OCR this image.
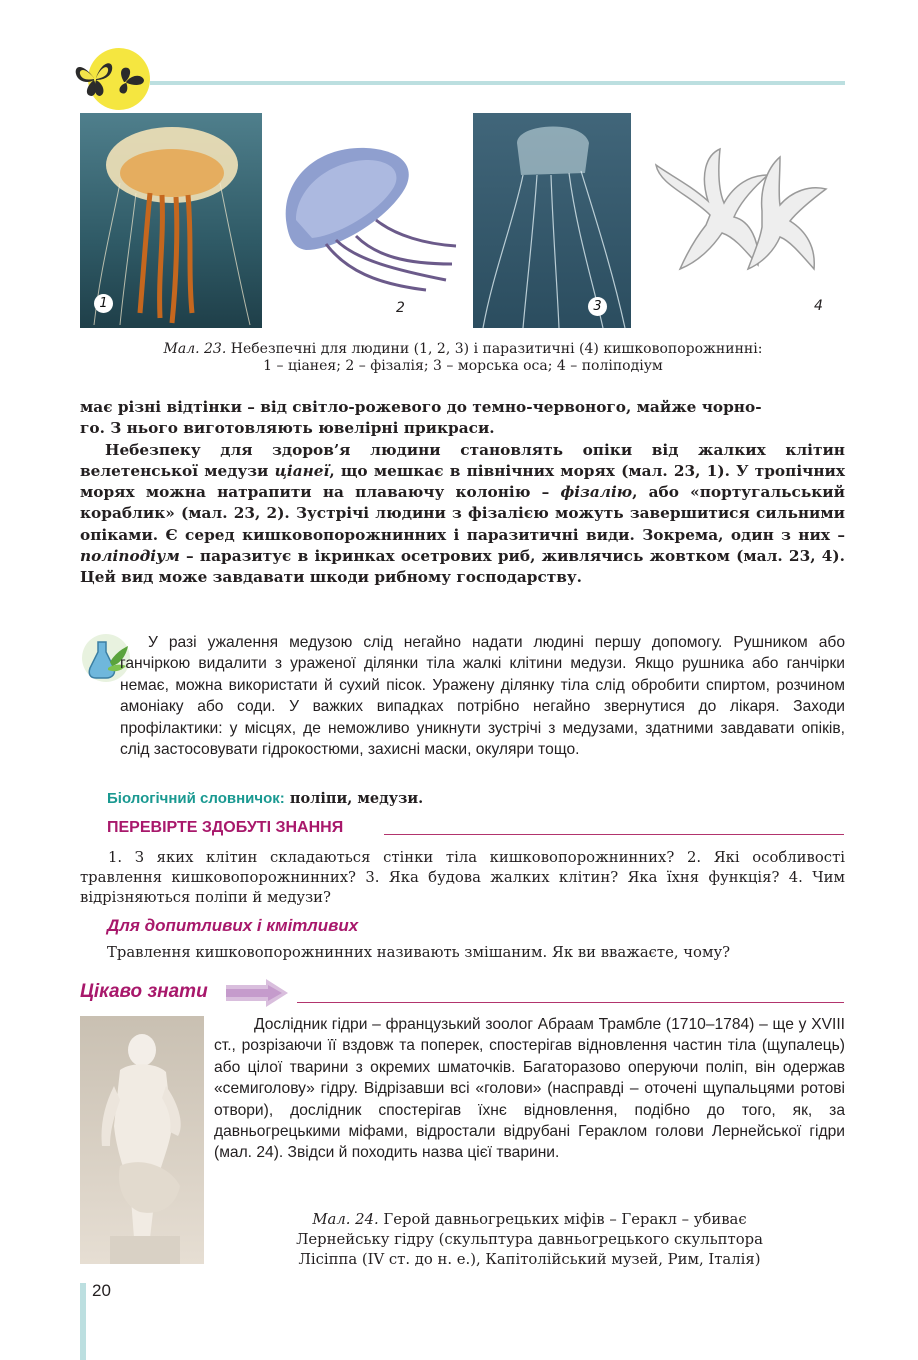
1	2	3	4
Мал. 23. Небезпечні для людини (1, 2, 3) і паразитичні (4) кишковопорожнинні:
1 – ціанея; 2 – фізалія; 3 – морська оса; 4 – поліподіум

має різні відтінки – від світло-рожевого до темно-червоного, майже чорно-
го. З нього виготовляють ювелірні прикраси.

Небезпеку для здоров’я людини становлять опіки від жалких клітин велетенської медузи ціанеї, що мешкає в північних морях (мал. 23, 1). У тропічних морях можна натрапити на плаваючу колонію – фізалію, або «португальський кораблик» (мал. 23, 2). Зустрічі людини з фізалією можуть завершитися сильними опіками. Є серед кишковопорожнинних і паразитичні види. Зокрема, один з них – поліподіум – паразитує в ікринках осетрових риб, живлячись жовтком (мал. 23, 4). Цей вид може завдавати шкоди рибному господарству.

У разі ужалення медузою слід негайно надати людині першу допомогу. Рушником або ганчіркою видалити з ураженої ділянки тіла жалкі клітини медузи. Якщо рушника або ганчірки немає, можна використати й сухий пісок. Уражену ділянку тіла слід обробити спиртом, розчином амоніаку або соди. У важких випадках потрібно негайно звернутися до лікаря. Заходи профілактики: у місцях, де неможливо уникнути зустрічі з медузами, здатними завдавати опіків, слід застосовувати гідрокостюми, захисні маски, окуляри тощо.
Біологічний словничок: поліпи, медузи.
ПЕРЕВІРТЕ ЗДОБУТІ ЗНАННЯ
1. З яких клітин складаються стінки тіла кишковопорожнинних? 2. Які особливості травлення кишковопорожнинних? 3. Яка будова жалких клітин? Яка їхня функція? 4. Чим відрізняються поліпи й медузи?
Для допитливих і кмітливих
Травлення кишковопорожнинних називають змішаним. Як ви вважаєте, чому?
Цікаво знати
Дослідник гідри – французький зоолог Абраам Трамбле (1710–1784) – ще у XVIII ст., розрізаючи її вздовж та поперек, спостерігав відновлення частин тіла (щупалець) або цілої тварини з окремих шматочків. Багаторазово оперуючи поліп, він одержав «семиголову» гідру. Відрізавши всі «голови» (насправді – оточені щупальцями ротові отвори), дослідник спостерігав їхнє відновлення, подібно до того, як, за давньогрецькими міфами, відростали відрубані Гераклом голови Лернейської гідри (мал. 24). Звідси й походить назва цієї тварини.
Мал. 24. Герой давньогрецьких міфів – Геракл – убиває
Лернейську гідру (скульптура давньогрецького скульптора
Лісіппа (IV ст. до н. е.), Капітолійський музей, Рим, Італія)
20
